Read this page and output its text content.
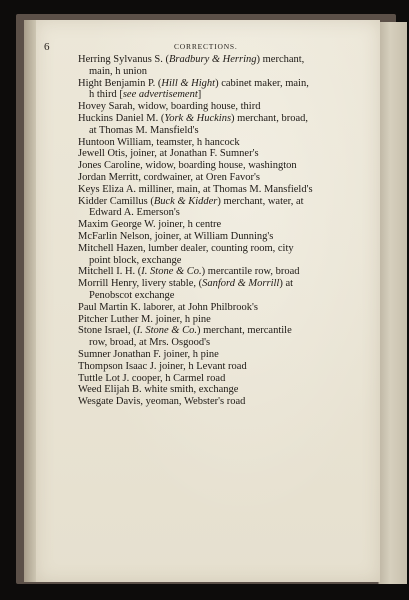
6	CORRECTIONS.
Herring Sylvanus S. (Bradbury & Herring) merchant,
main, h union
Hight Benjamin P. (Hill & Hight) cabinet maker, main,
h third [see advertisement]
Hovey Sarah, widow, boarding house, third
Huckins Daniel M. (York & Huckins) merchant, broad,
at Thomas M. Mansfield's
Huntoon William, teamster, h hancock
Jewell Otis, joiner, at Jonathan F. Sumner's
Jones Caroline, widow, boarding house, washington
Jordan Merritt, cordwainer, at Oren Favor's
Keys Eliza A. milliner, main, at Thomas M. Mansfield's
Kidder Camillus (Buck & Kidder) merchant, water, at
Edward A. Emerson's
Maxim George W. joiner, h centre
McFarlin Nelson, joiner, at William Dunning's
Mitchell Hazen, lumber dealer, counting room, city
point block, exchange
Mitchell I. H. (I. Stone & Co.) mercantile row, broad
Morrill Henry, livery stable, (Sanford & Morrill) at
Penobscot exchange
Paul Martin K. laborer, at John Philbrook's
Pitcher Luther M. joiner, h pine
Stone Israel, (I. Stone & Co.) merchant, mercantile
row, broad, at Mrs. Osgood's
Sumner Jonathan F. joiner, h pine
Thompson Isaac J. joiner, h Levant road
Tuttle Lot J. cooper, h Carmel road
Weed Elijah B. white smith, exchange
Wesgate Davis, yeoman, Webster's road
